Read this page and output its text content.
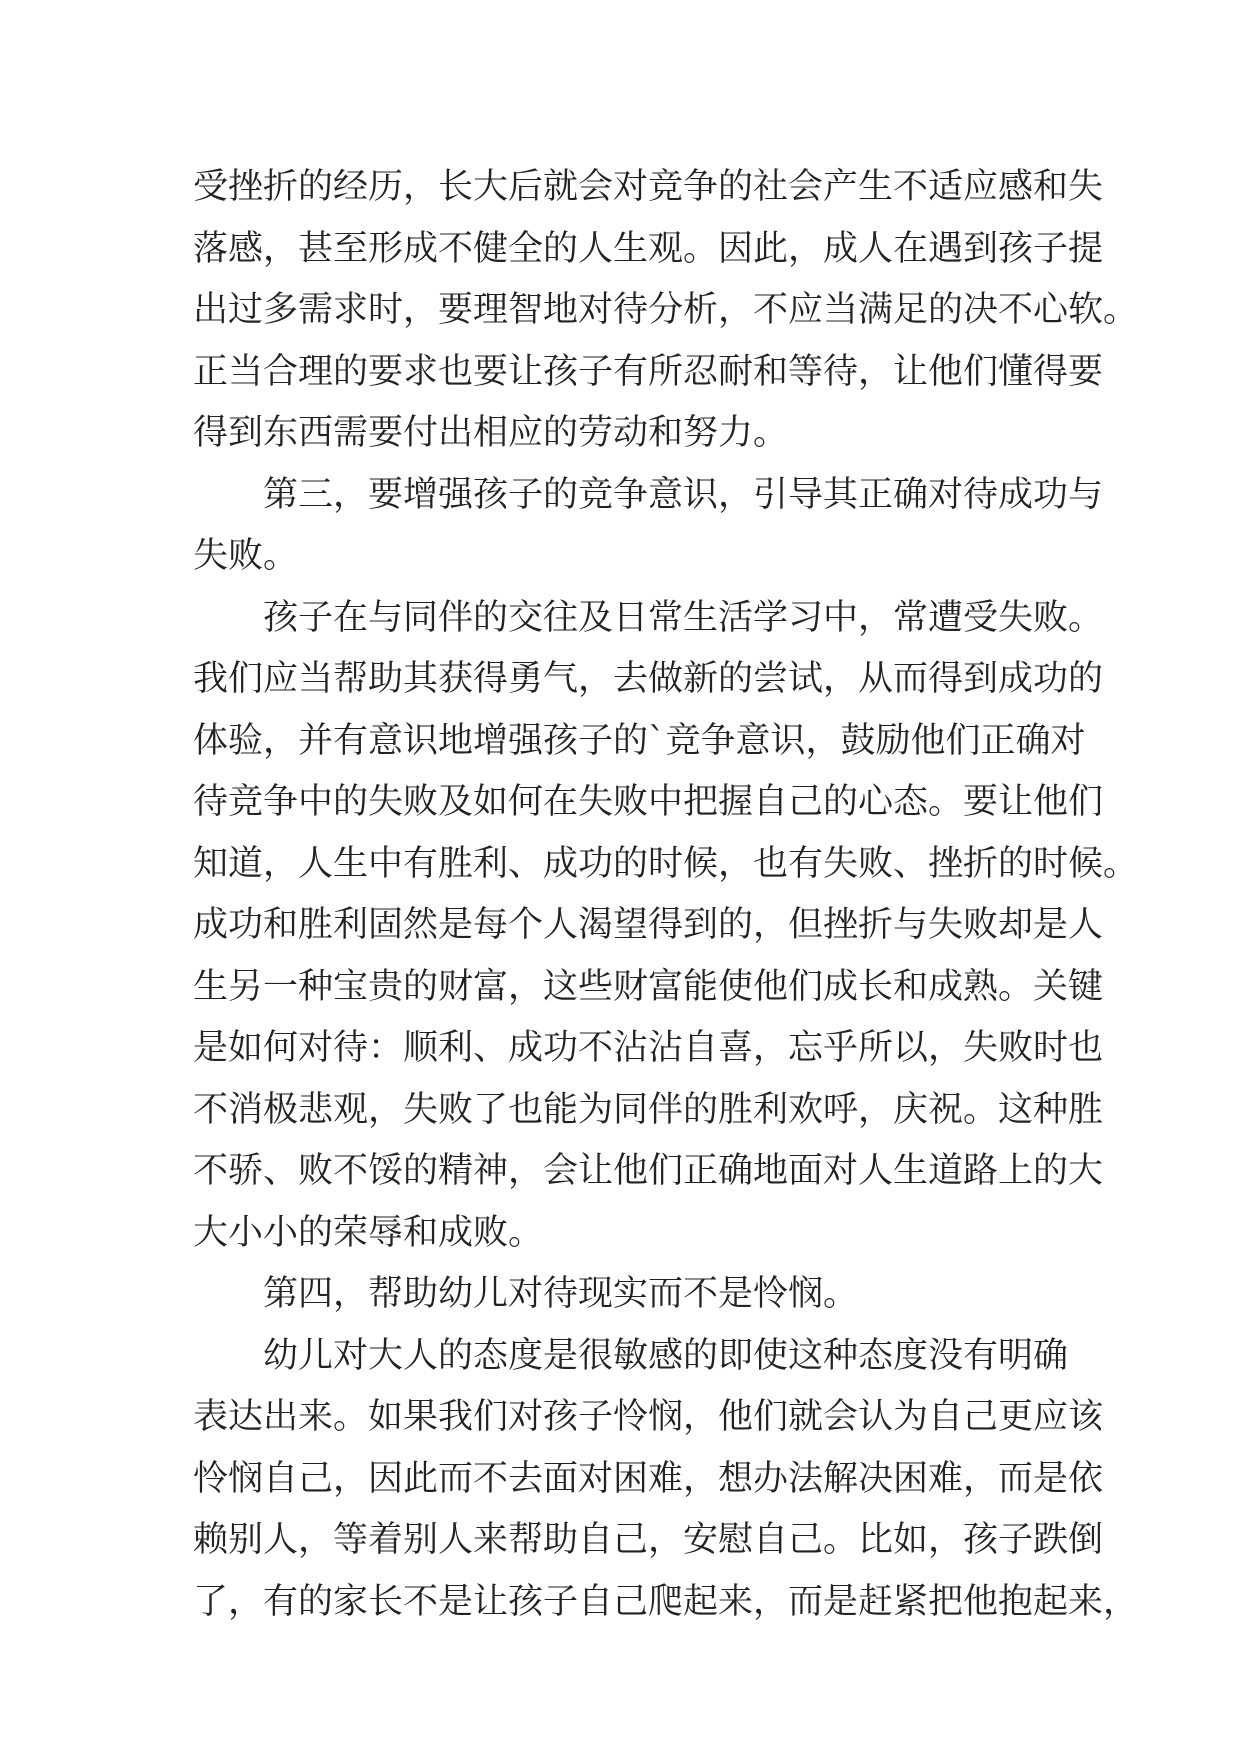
受挫折的经历，长大后就会对竞争的社会产生不适应感和失
落感，甚至形成不健全的人生观。因此，成人在遇到孩子提
出过多需求时，要理智地对待分析，不应当满足的决不心软。
正当合理的要求也要让孩子有所忍耐和等待，让他们懂得要
得到东西需要付出相应的劳动和努力。
第三，要增强孩子的竞争意识，引导其正确对待成功与
失败。
孩子在与同伴的交往及日常生活学习中，常遭受失败。
我们应当帮助其获得勇气，去做新的尝试，从而得到成功的
体验，并有意识地增强孩子的`竞争意识，鼓励他们正确对
待竞争中的失败及如何在失败中把握自己的心态。要让他们
知道，人生中有胜利、成功的时候，也有失败、挫折的时候。
成功和胜利固然是每个人渴望得到的，但挫折与失败却是人
生另一种宝贵的财富，这些财富能使他们成长和成熟。关键
是如何对待：顺利、成功不沾沾自喜，忘乎所以，失败时也
不消极悲观，失败了也能为同伴的胜利欢呼，庆祝。这种胜
不骄、败不馁的精神，会让他们正确地面对人生道路上的大
大小小的荣辱和成败。
第四，帮助幼儿对待现实而不是怜悯。
幼儿对大人的态度是很敏感的即使这种态度没有明确
表达出来。如果我们对孩子怜悯，他们就会认为自己更应该
怜悯自己，因此而不去面对困难，想办法解决困难，而是依
赖别人，等着别人来帮助自己，安慰自己。比如，孩子跌倒
了，有的家长不是让孩子自己爬起来，而是赶紧把他抱起来，
